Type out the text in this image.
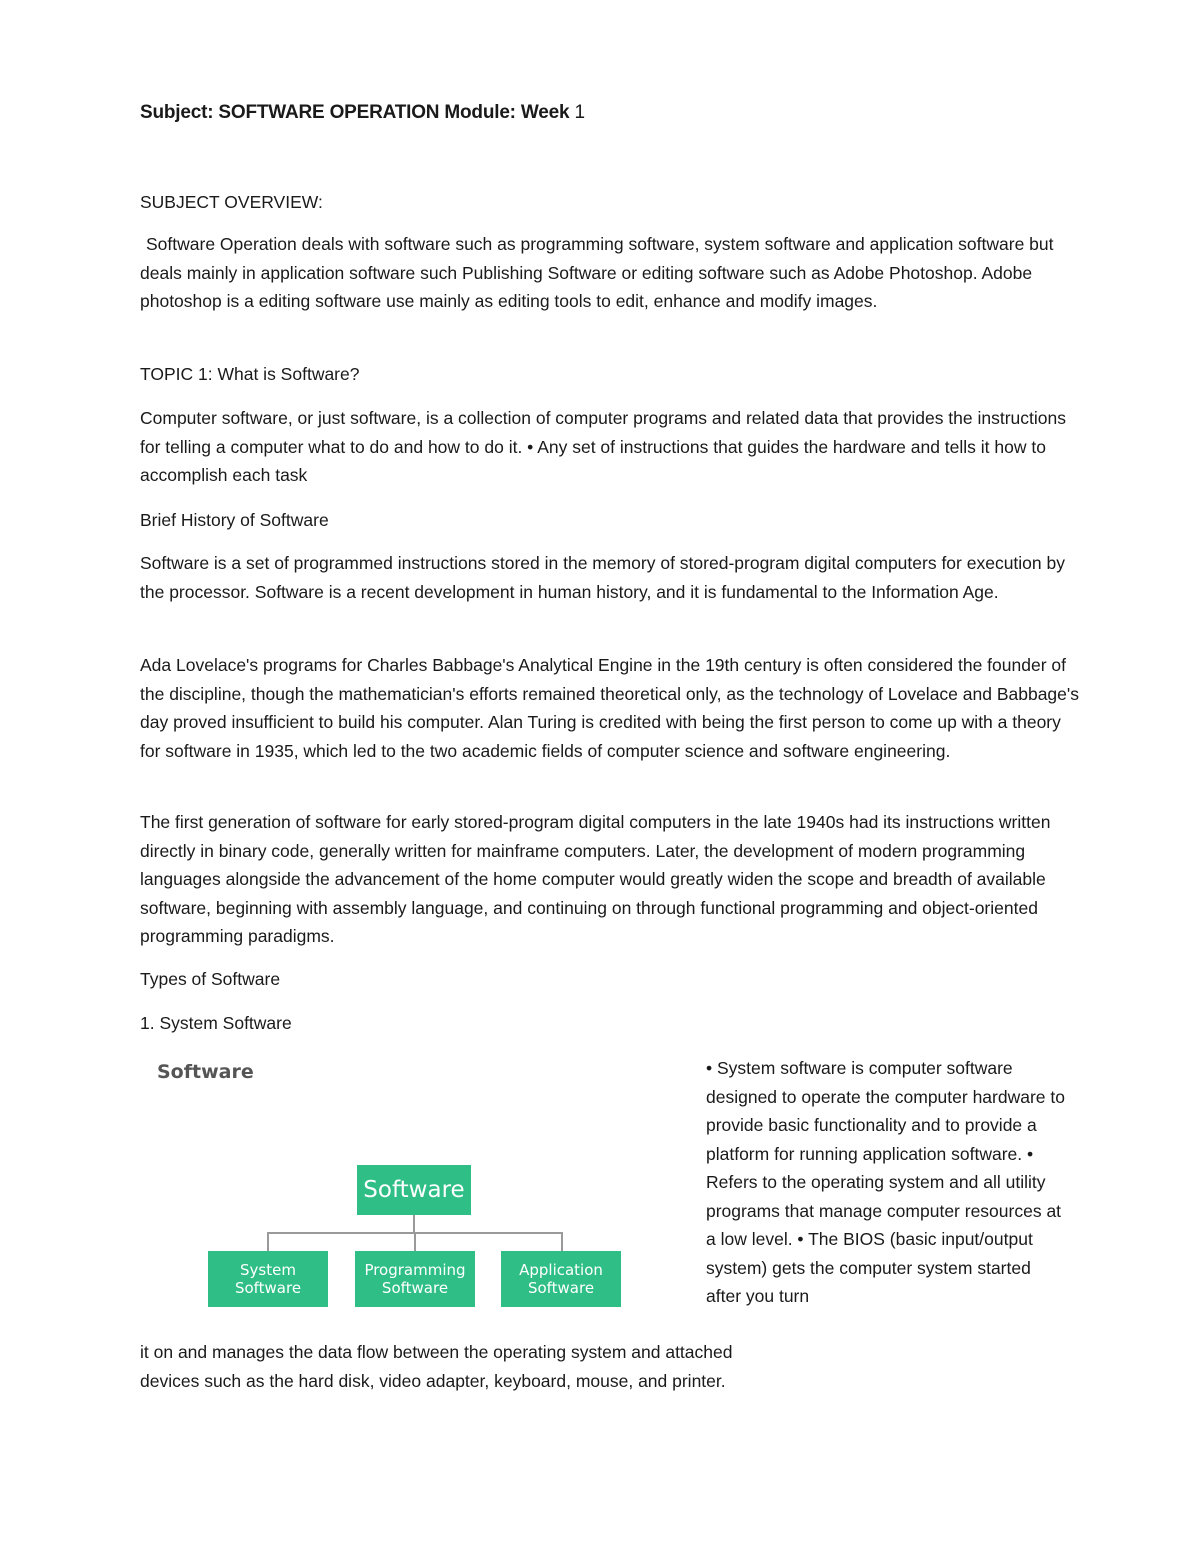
Subject: SOFTWARE OPERATION Module: Week 1
SUBJECT OVERVIEW:

Software Operation deals with software such as programming software, system software and application software but deals mainly in application software such Publishing Software or editing software such as Adobe Photoshop. Adobe photoshop is a editing software use mainly as editing tools to edit, enhance and modify images.

TOPIC 1: What is Software?
Computer software, or just software, is a collection of computer programs and related data that provides the instructions for telling a computer what to do and how to do it. • Any set of instructions that guides the hardware and tells it how to accomplish each task
Brief History of Software
Software is a set of programmed instructions stored in the memory of stored-program digital computers for execution by the processor. Software is a recent development in human history, and it is fundamental to the Information Age.
Ada Lovelace's programs for Charles Babbage's Analytical Engine in the 19th century is often considered the founder of the discipline, though the mathematician's efforts remained theoretical only, as the technology of Lovelace and Babbage's day proved insufficient to build his computer. Alan Turing is credited with being the first person to come up with a theory for software in 1935, which led to the two academic fields of computer science and software engineering.
The first generation of software for early stored-program digital computers in the late 1940s had its instructions written directly in binary code, generally written for mainframe computers. Later, the development of modern programming languages alongside the advancement of the home computer would greatly widen the scope and breadth of available software, beginning with assembly language, and continuing on through functional programming and object-oriented programming paradigms.
Types of Software
1. System Software
Software
Software
System
Software
Programming
Software
Application
Software
• System software is computer software designed to operate the computer hardware to provide basic functionality and to provide a platform for running application software. • Refers to the operating system and all utility programs that manage computer resources at a low level. • The BIOS (basic input/output system) gets the computer system started after you turn
it on and manages the data flow between the operating system and attached
devices such as the hard disk, video adapter, keyboard, mouse, and printer.
